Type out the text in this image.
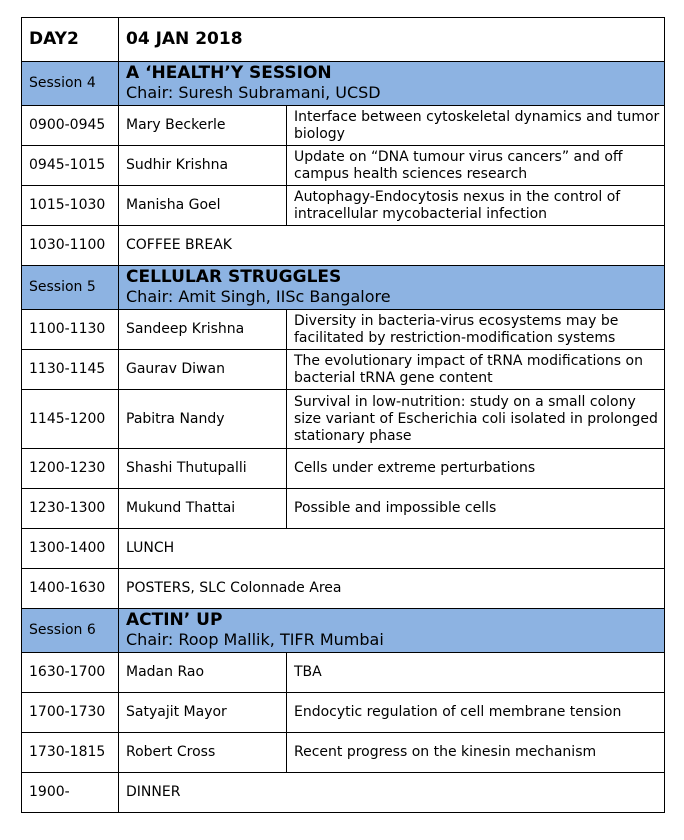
DAY2	04 JAN 2018	
Session 4	A ‘HEALTH’Y SESSION
Chair: Suresh Subramani, UCSD	

0900-0945	Mary Beckerle	Interface between cytoskeletal dynamics and tumor biology
0945-1015	Sudhir Krishna	Update on “DNA tumour virus cancers” and off campus health sciences research
1015-1030	Manisha Goel	Autophagy-Endocytosis nexus in the control of intracellular mycobacterial infection
1030-1100	COFFEE BREAK	
Session 5	CELLULAR STRUGGLES
Chair: Amit Singh, IISc Bangalore	

1100-1130	Sandeep Krishna	Diversity in bacteria-virus ecosystems may be facilitated by restriction-modification systems
1130-1145	Gaurav Diwan	The evolutionary impact of tRNA modifications on bacterial tRNA gene content
1145-1200	Pabitra Nandy	Survival in low-nutrition: study on a small colony size variant of Escherichia coli isolated in prolonged stationary phase
1200-1230	Shashi Thutupalli	Cells under extreme perturbations
1230-1300	Mukund Thattai	Possible and impossible cells
1300-1400	LUNCH	
1400-1630	POSTERS, SLC Colonnade Area	
Session 6	ACTIN’ UP
Chair: Roop Mallik, TIFR Mumbai	

1630-1700	Madan Rao	TBA
1700-1730	Satyajit Mayor	Endocytic regulation of cell membrane tension
1730-1815	Robert Cross	Recent progress on the kinesin mechanism
1900-	DINNER	
